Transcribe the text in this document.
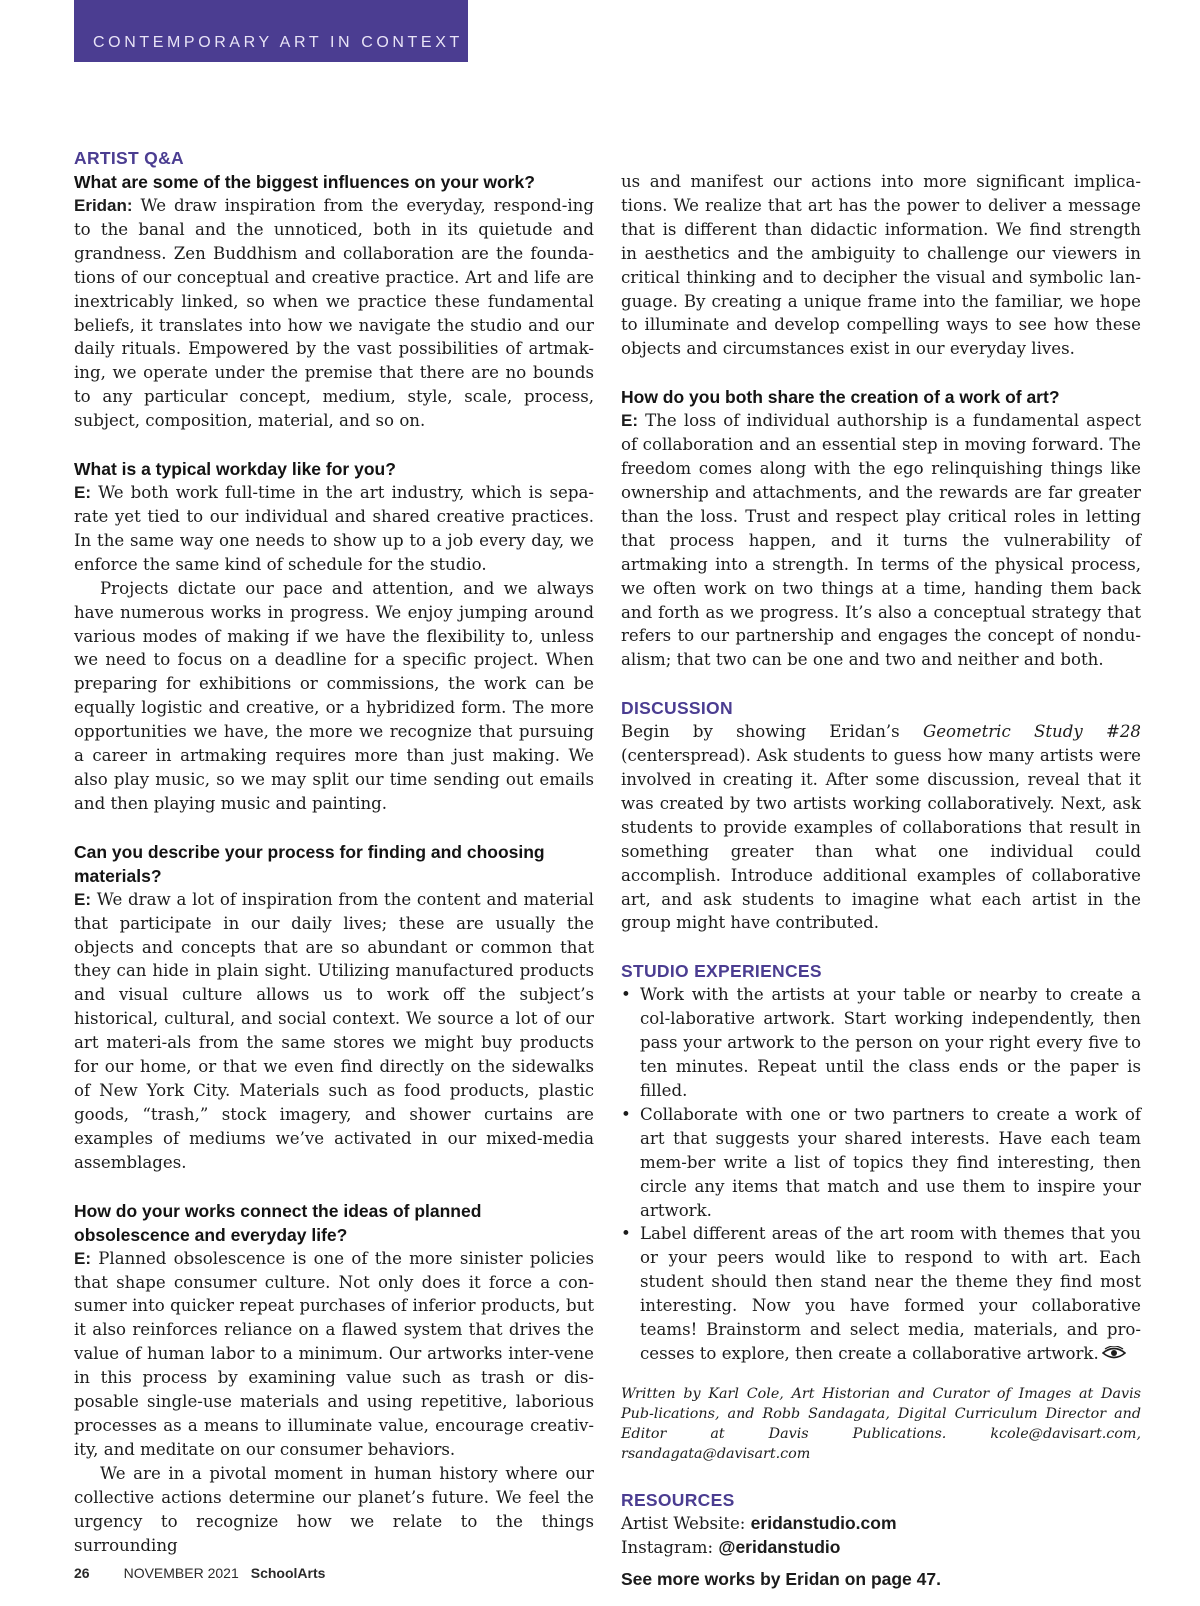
CONTEMPORARY ART IN CONTEXT
ARTIST Q&A
What are some of the biggest influences on your work?

Eridan: We draw inspiration from the everyday, respond-ing to the banal and the unnoticed, both in its quietude and grandness. Zen Buddhism and collaboration are the founda-tions of our conceptual and creative practice. Art and life are inextricably linked, so when we practice these fundamental beliefs, it translates into how we navigate the studio and our daily rituals. Empowered by the vast possibilities of artmak-ing, we operate under the premise that there are no bounds to any particular concept, medium, style, scale, process, subject, composition, material, and so on.

What is a typical workday like for you?

E: We both work full-time in the art industry, which is sepa-rate yet tied to our individual and shared creative practices. In the same way one needs to show up to a job every day, we enforce the same kind of schedule for the studio.

Projects dictate our pace and attention, and we always have numerous works in progress. We enjoy jumping around various modes of making if we have the flexibility to, unless we need to focus on a deadline for a specific project. When preparing for exhibitions or commissions, the work can be equally logistic and creative, or a hybridized form. The more opportunities we have, the more we recognize that pursuing a career in artmaking requires more than just making. We also play music, so we may split our time sending out emails and then playing music and painting.

Can you describe your process for finding and choosing materials?

E: We draw a lot of inspiration from the content and material that participate in our daily lives; these are usually the objects and concepts that are so abundant or common that they can hide in plain sight. Utilizing manufactured products and visual culture allows us to work off the subject’s historical, cultural, and social context. We source a lot of our art materi-als from the same stores we might buy products for our home, or that we even find directly on the sidewalks of New York City. Materials such as food products, plastic goods, “trash,” stock imagery, and shower curtains are examples of mediums we’ve activated in our mixed-media assemblages.

How do your works connect the ideas of planned obsolescence and everyday life?

E: Planned obsolescence is one of the more sinister policies that shape consumer culture. Not only does it force a con-sumer into quicker repeat purchases of inferior products, but it also reinforces reliance on a flawed system that drives the value of human labor to a minimum. Our artworks inter-vene in this process by examining value such as trash or dis-posable single-use materials and using repetitive, laborious processes as a means to illuminate value, encourage creativ-ity, and meditate on our consumer behaviors.

We are in a pivotal moment in human history where our collective actions determine our planet’s future. We feel the urgency to recognize how we relate to the things surrounding

us and manifest our actions into more significant implica-tions. We realize that art has the power to deliver a message that is different than didactic information. We find strength in aesthetics and the ambiguity to challenge our viewers in critical thinking and to decipher the visual and symbolic lan-guage. By creating a unique frame into the familiar, we hope to illuminate and develop compelling ways to see how these objects and circumstances exist in our everyday lives.

How do you both share the creation of a work of art?

E: The loss of individual authorship is a fundamental aspect of collaboration and an essential step in moving forward. The freedom comes along with the ego relinquishing things like ownership and attachments, and the rewards are far greater than the loss. Trust and respect play critical roles in letting that process happen, and it turns the vulnerability of artmaking into a strength. In terms of the physical process, we often work on two things at a time, handing them back and forth as we progress. It’s also a conceptual strategy that refers to our partnership and engages the concept of nondu-alism; that two can be one and two and neither and both.

DISCUSSION

Begin by showing Eridan’s Geometric Study #28 (centerspread). Ask students to guess how many artists were involved in creating it. After some discussion, reveal that it was created by two artists working collaboratively. Next, ask students to provide examples of collaborations that result in something greater than what one individual could accomplish. Introduce additional examples of collaborative art, and ask students to imagine what each artist in the group might have contributed.

STUDIO EXPERIENCES
• Work with the artists at your table or nearby to create a col-laborative artwork. Start working independently, then pass your artwork to the person on your right every five to ten minutes. Repeat until the class ends or the paper is filled.
• Collaborate with one or two partners to create a work of art that suggests your shared interests. Have each team mem-ber write a list of topics they find interesting, then circle any items that match and use them to inspire your artwork.
• Label different areas of the art room with themes that you or your peers would like to respond to with art. Each student should then stand near the theme they find most interesting. Now you have formed your collaborative teams! Brainstorm and select media, materials, and pro-cesses to explore, then create a collaborative artwork.

Written by Karl Cole, Art Historian and Curator of Images at Davis Pub-lications, and Robb Sandagata, Digital Curriculum Director and Editor at Davis Publications. kcole@davisart.com, rsandagata@davisart.com

RESOURCES
Artist Website: eridanstudio.com
Instagram: @eridanstudio
See more works by Eridan on page 47.
26 NOVEMBER 2021 SchoolArts
